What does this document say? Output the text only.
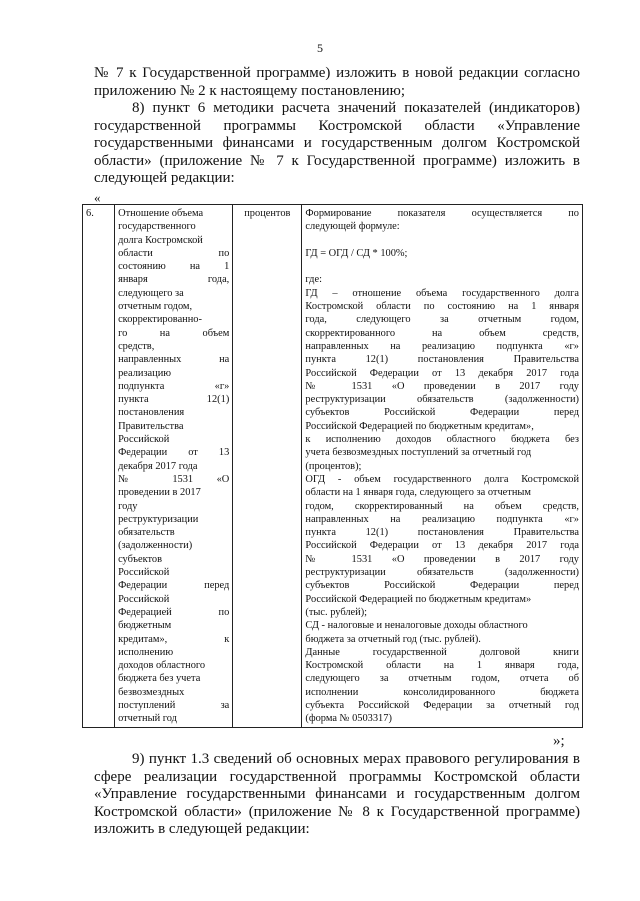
5

№ 7 к Государственной программе) изложить в новой редакции согласно
приложению № 2 к настоящему постановлению;

8) пункт 6 методики расчета значений показателей (индикаторов)
государственной программы Костромской области «Управление
государственными финансами и государственным долгом Костромской
области» (приложение № 7 к Государственной программе) изложить в
следующей редакции:

«
6.	Отношение объема
государственного
долга Костромской
области по
состоянию на 1
января года,
следующего за
отчетным годом,
скорректированно-
го на объем
средств,
направленных на
реализацию
подпункта «г»
пункта 12(1)
постановления
Правительства
Российской
Федерации от 13
декабря 2017 года
№ 1531 «О
проведении в 2017
году
реструктуризации
обязательств
(задолженности)
субъектов
Российской
Федерации перед
Российской
Федерацией по
бюджетным
кредитам», к
исполнению
доходов областного
бюджета без учета
безвозмездных
поступлений за
отчетный год

процентов	Формирование показателя осуществляется по
следующей формуле:
ГД = ОГД / СД * 100%;
где:
ГД – отношение объема государственного долга
Костромской области по состоянию на 1 января
года, следующего за отчетным годом,
скорректированного на объем средств,
направленных на реализацию подпункта «г»
пункта 12(1) постановления Правительства
Российской Федерации от 13 декабря 2017 года
№ 1531 «О проведении в 2017 году
реструктуризации обязательств (задолженности)
субъектов Российской Федерации перед
Российской Федерацией по бюджетным кредитам»,
к исполнению доходов областного бюджета без
учета безвозмездных поступлений за отчетный год
(процентов);
ОГД - объем государственного долга Костромской
области на 1 января года, следующего за отчетным
годом, скорректированный на объем средств,
направленных на реализацию подпункта «г»
пункта 12(1) постановления Правительства
Российской Федерации от 13 декабря 2017 года
№ 1531 «О проведении в 2017 году
реструктуризации обязательств (задолженности)
субъектов Российской Федерации перед
Российской Федерацией по бюджетным кредитам»
(тыс. рублей);
СД - налоговые и неналоговые доходы областного
бюджета за отчетный год (тыс. рублей).
Данные государственной долговой книги
Костромской области на 1 января года,
следующего за отчетным годом, отчета об
исполнении консолидированного бюджета
субъекта Российской Федерации за отчетный год
(форма № 0503317)
»;

9) пункт 1.3 сведений об основных мерах правового регулирования в
сфере реализации государственной программы Костромской области
«Управление государственными финансами и государственным долгом
Костромской области» (приложение № 8 к Государственной программе)
изложить в следующей редакции:
